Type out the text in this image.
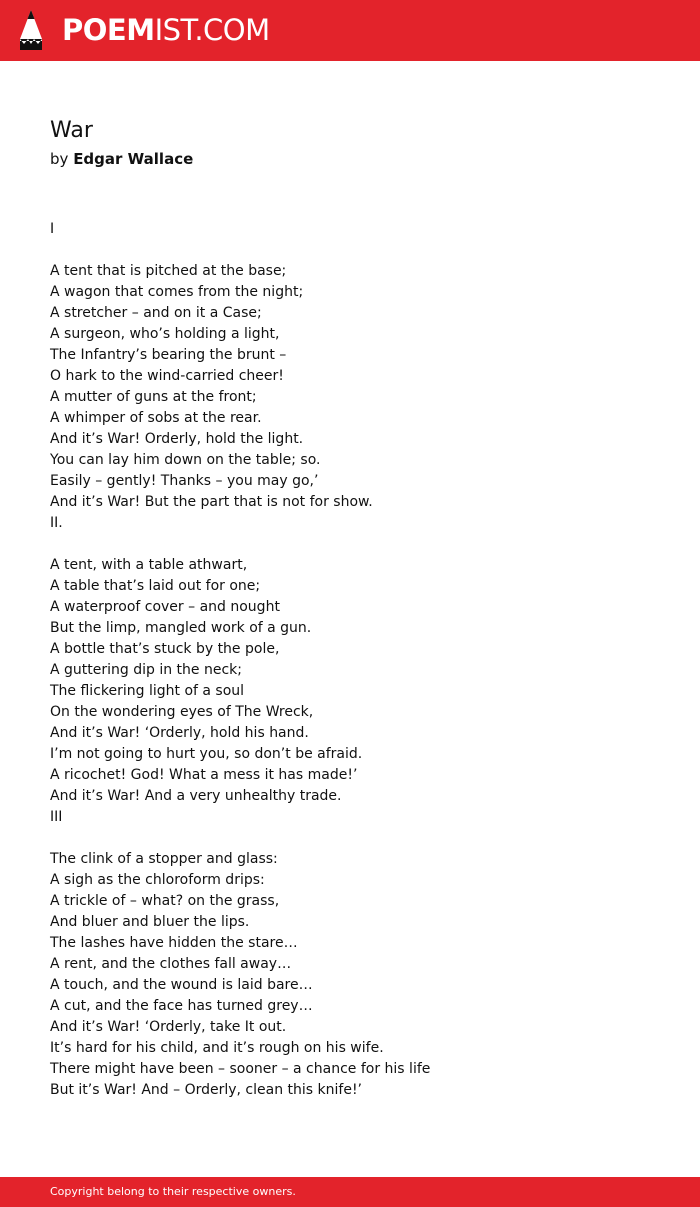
POEMIST.COM
War
by Edgar Wallace
I
A tent that is pitched at the base;
A wagon that comes from the night;
A stretcher – and on it a Case;
A surgeon, who’s holding a light,
The Infantry’s bearing the brunt –
O hark to the wind-carried cheer!
A mutter of guns at the front;
A whimper of sobs at the rear.
And it’s War! Orderly, hold the light.
You can lay him down on the table; so.
Easily – gently! Thanks – you may go,’
And it’s War! But the part that is not for show.
II.
A tent, with a table athwart,
A table that’s laid out for one;
A waterproof cover – and nought
But the limp, mangled work of a gun.
A bottle that’s stuck by the pole,
A guttering dip in the neck;
The flickering light of a soul
On the wondering eyes of The Wreck,
And it’s War! ‘Orderly, hold his hand.
I’m not going to hurt you, so don’t be afraid.
A ricochet! God! What a mess it has made!’
And it’s War! And a very unhealthy trade.
III
The clink of a stopper and glass:
A sigh as the chloroform drips:
A trickle of – what? on the grass,
And bluer and bluer the lips.
The lashes have hidden the stare…
A rent, and the clothes fall away…
A touch, and the wound is laid bare…
A cut, and the face has turned grey…
And it’s War! ‘Orderly, take It out.
It’s hard for his child, and it’s rough on his wife.
There might have been – sooner – a chance for his life
But it’s War! And – Orderly, clean this knife!’
Copyright belong to their respective owners.
